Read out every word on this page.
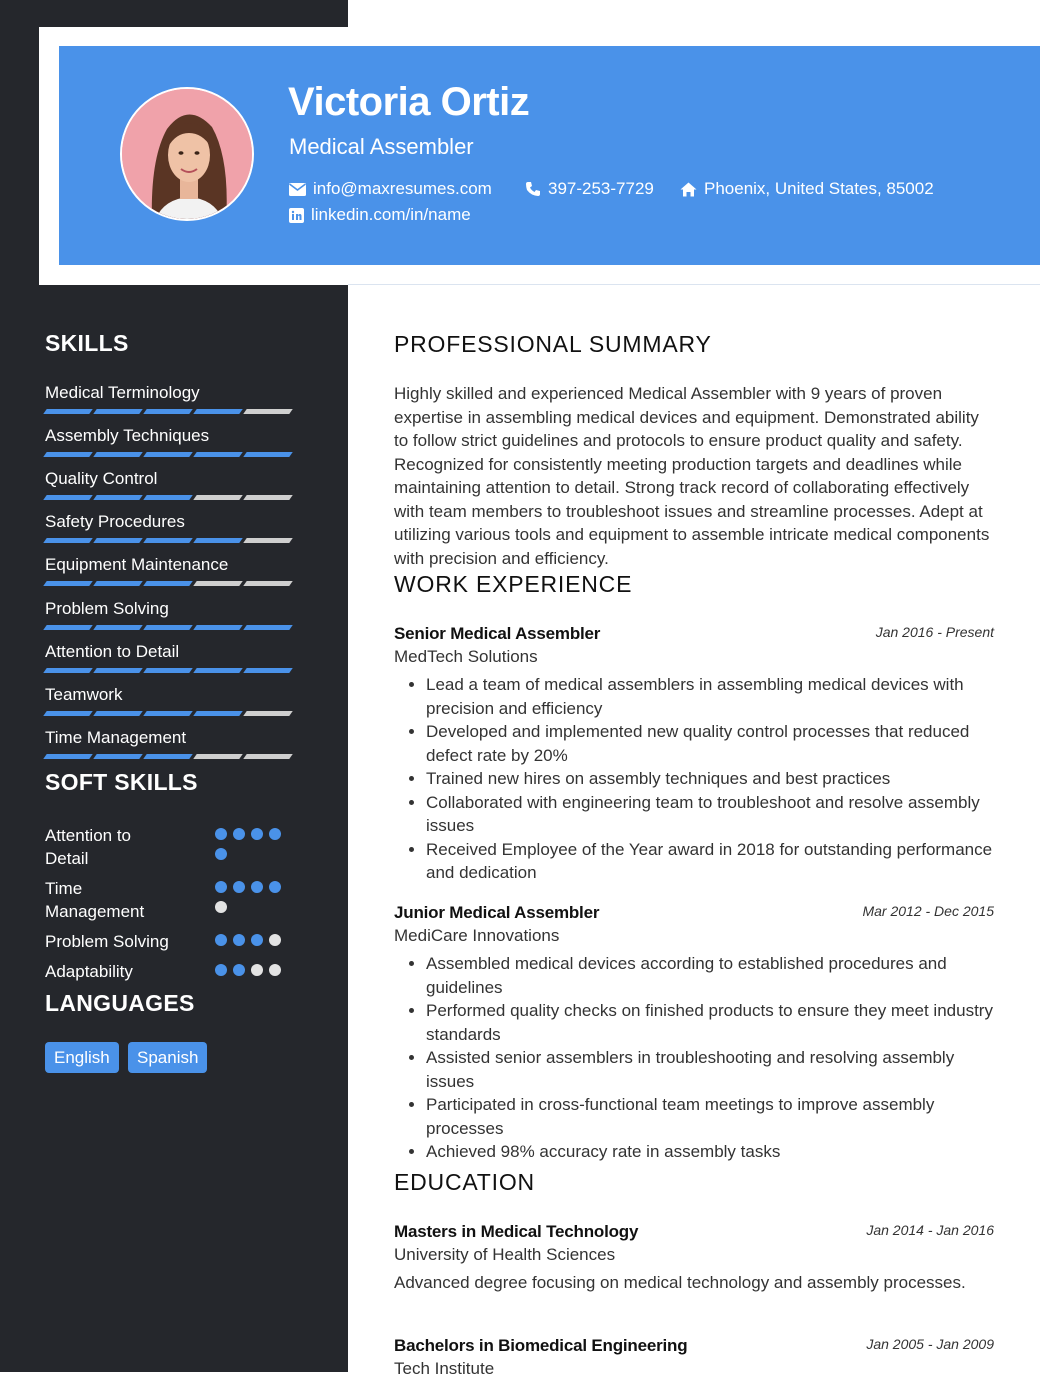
Victoria Ortiz
Medical Assembler
info@maxresumes.com	397-253-7729	Phoenix, United States, 85002
linkedin.com/in/name
SKILLS
Medical Terminology
Assembly Techniques
Quality Control
Safety Procedures
Equipment Maintenance
Problem Solving
Attention to Detail
Teamwork
Time Management
SOFT SKILLS
Attention to Detail
Time Management
Problem Solving
Adaptability
LANGUAGES
English	Spanish
PROFESSIONAL SUMMARY

Highly skilled and experienced Medical Assembler with 9 years of proven expertise in assembling medical devices and equipment. Demonstrated ability to follow strict guidelines and protocols to ensure product quality and safety. Recognized for consistently meeting production targets and deadlines while maintaining attention to detail. Strong track record of collaborating effectively with team members to troubleshoot issues and streamline processes. Adept at utilizing various tools and equipment to assemble intricate medical components with precision and efficiency.

WORK EXPERIENCE
Senior Medical Assembler	Jan 2016 - Present
MedTech Solutions
• Lead a team of medical assemblers in assembling medical devices with precision and efficiency
• Developed and implemented new quality control processes that reduced defect rate by 20%
• Trained new hires on assembly techniques and best practices
• Collaborated with engineering team to troubleshoot and resolve assembly issues
• Received Employee of the Year award in 2018 for outstanding performance and dedication
Junior Medical Assembler	Mar 2012 - Dec 2015
MediCare Innovations
• Assembled medical devices according to established procedures and guidelines
• Performed quality checks on finished products to ensure they meet industry standards
• Assisted senior assemblers in troubleshooting and resolving assembly issues
• Participated in cross-functional team meetings to improve assembly processes
• Achieved 98% accuracy rate in assembly tasks
EDUCATION
Masters in Medical Technology	Jan 2014 - Jan 2016
University of Health Sciences

Advanced degree focusing on medical technology and assembly processes.

Bachelors in Biomedical Engineering	Jan 2005 - Jan 2009
Tech Institute
